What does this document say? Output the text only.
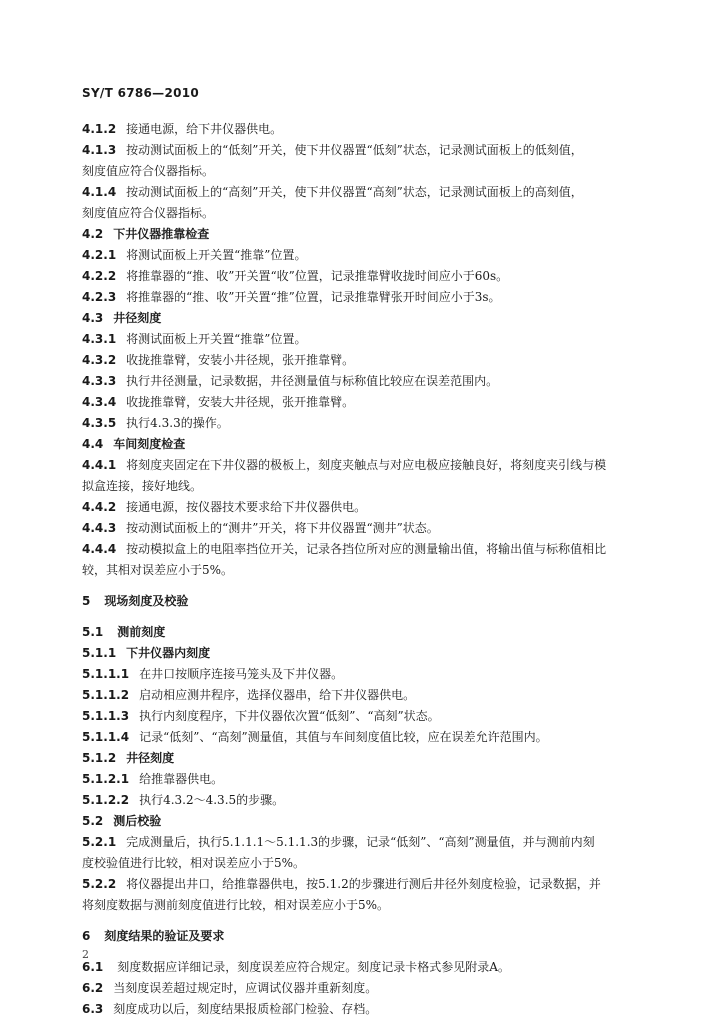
SY/T 6786—2010
4.1.2 接通电源，给下井仪器供电。
4.1.3 按动测试面板上的“低刻”开关，使下井仪器置“低刻”状态，记录测试面板上的低刻值，
刻度值应符合仪器指标。
4.1.4 按动测试面板上的“高刻”开关，使下井仪器置“高刻”状态，记录测试面板上的高刻值，
刻度值应符合仪器指标。
4.2 下井仪器推靠检查
4.2.1 将测试面板上开关置“推靠”位置。
4.2.2 将推靠器的“推、收”开关置“收”位置，记录推靠臂收拢时间应小于60s。
4.2.3 将推靠器的“推、收”开关置“推”位置，记录推靠臂张开时间应小于3s。
4.3 井径刻度
4.3.1 将测试面板上开关置“推靠”位置。
4.3.2 收拢推靠臂，安装小井径规，张开推靠臂。
4.3.3 执行井径测量，记录数据，井径测量值与标称值比较应在误差范围内。
4.3.4 收拢推靠臂，安装大井径规，张开推靠臂。
4.3.5 执行4.3.3的操作。
4.4 车间刻度检查
4.4.1 将刻度夹固定在下井仪器的极板上，刻度夹触点与对应电极应接触良好，将刻度夹引线与模
拟盒连接，接好地线。
4.4.2 接通电源，按仪器技术要求给下井仪器供电。
4.4.3 按动测试面板上的“测井”开关，将下井仪器置“测井”状态。
4.4.4 按动模拟盒上的电阻率挡位开关，记录各挡位所对应的测量输出值，将输出值与标称值相比
较，其相对误差应小于5%。
5 现场刻度及校验
5.1 测前刻度
5.1.1 下井仪器内刻度
5.1.1.1 在井口按顺序连接马笼头及下井仪器。
5.1.1.2 启动相应测井程序，选择仪器串，给下井仪器供电。
5.1.1.3 执行内刻度程序，下井仪器依次置“低刻”、“高刻”状态。
5.1.1.4 记录“低刻”、“高刻”测量值，其值与车间刻度值比较，应在误差允许范围内。
5.1.2 井径刻度
5.1.2.1 给推靠器供电。
5.1.2.2 执行4.3.2～4.3.5的步骤。
5.2 测后校验
5.2.1 完成测量后，执行5.1.1.1～5.1.1.3的步骤，记录“低刻”、“高刻”测量值，并与测前内刻
度校验值进行比较，相对误差应小于5%。
5.2.2 将仪器提出井口，给推靠器供电，按5.1.2的步骤进行测后井径外刻度检验，记录数据，并
将刻度数据与测前刻度值进行比较，相对误差应小于5%。
6 刻度结果的验证及要求
6.1 刻度数据应详细记录，刻度误差应符合规定。刻度记录卡格式参见附录A。
6.2 当刻度误差超过规定时，应调试仪器并重新刻度。
6.3 刻度成功以后，刻度结果报质检部门检验、存档。
2
